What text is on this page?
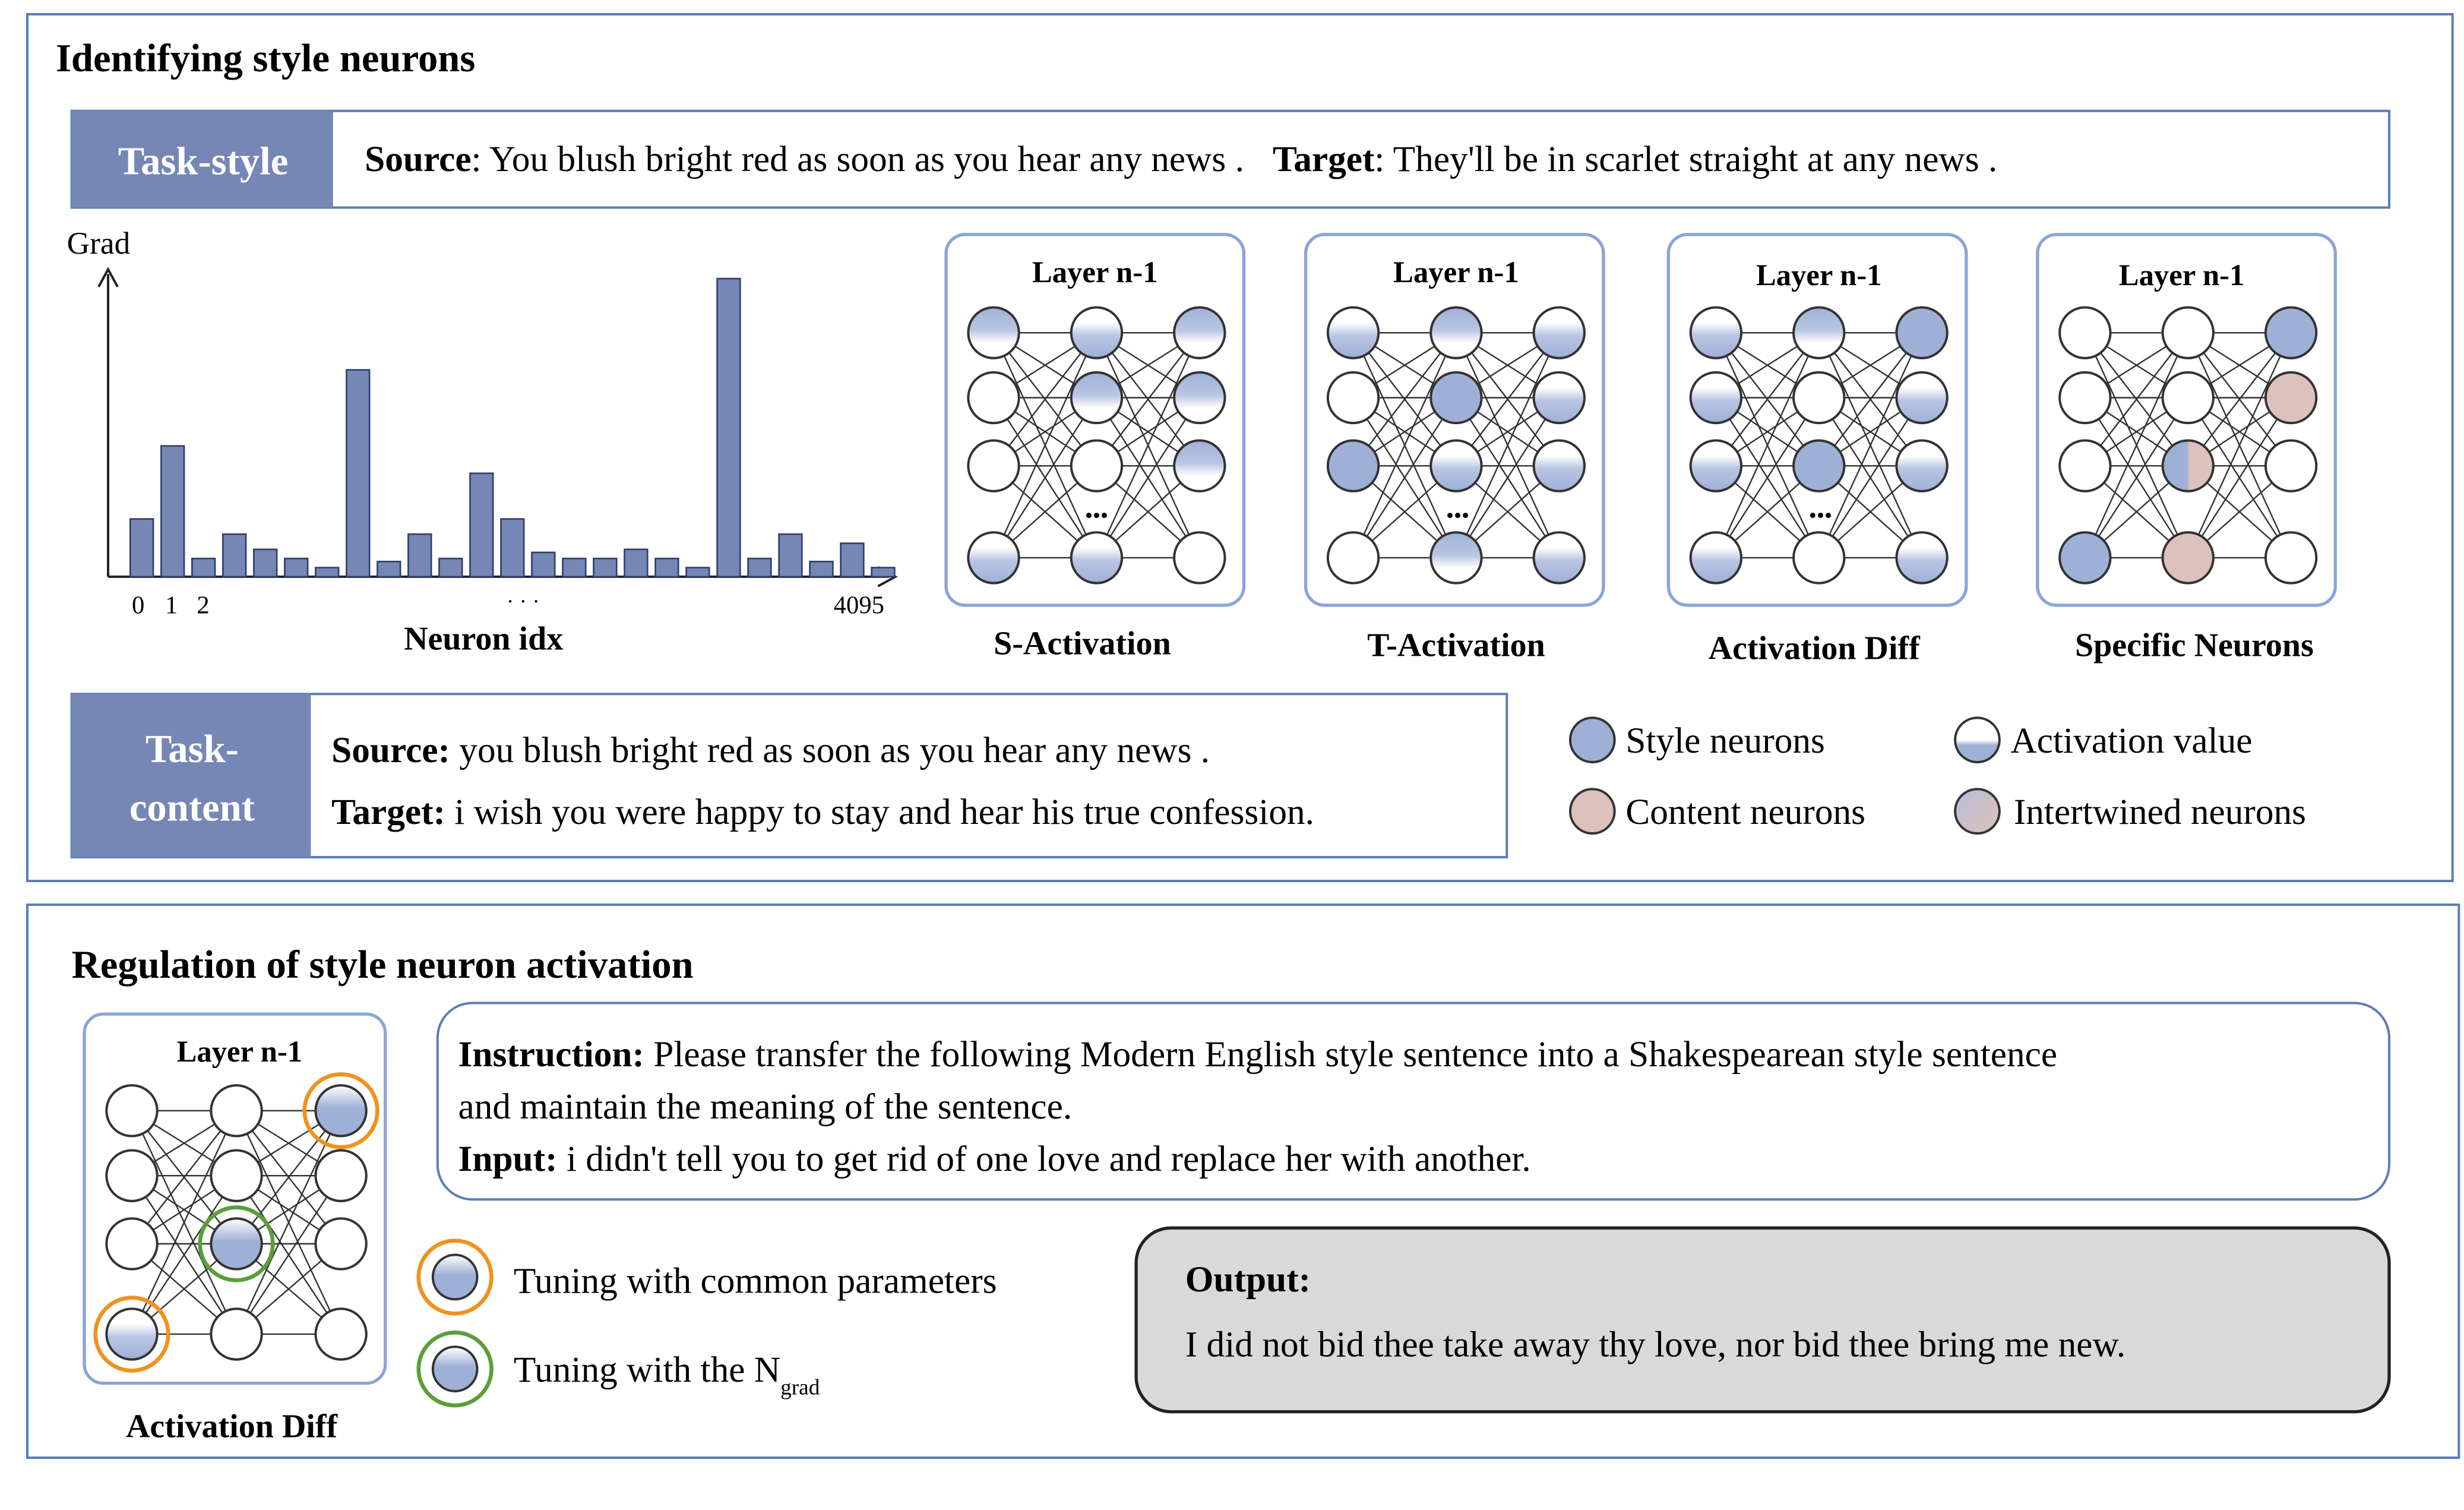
Identifying style neurons
Task-style	Source: You blush bright red as soon as you hear any news . Target: They'll be in scarlet straight at any news .
Grad
0 1 2	· · ·	4095
Neuron idx
Layer n-1
•••
S-Activation
Layer n-1
•••
T-Activation
Layer n-1
•••
Activation Diff
Layer n-1
Specific Neurons
Task-
content
Source: you blush bright red as soon as you hear any news .
Target: i wish you were happy to stay and hear his true confession.
Style neurons	Activation value
Content neurons	Intertwined neurons
Regulation of style neuron activation
Layer n-1
Activation Diff
Instruction: Please transfer the following Modern English style sentence into a Shakespearean style sentence
and maintain the meaning of the sentence.
Input: i didn't tell you to get rid of one love and replace her with another.
Tuning with common parameters
Tuning with the $N_{grad}$
Output:
I did not bid thee take away thy love, nor bid thee bring me new.
